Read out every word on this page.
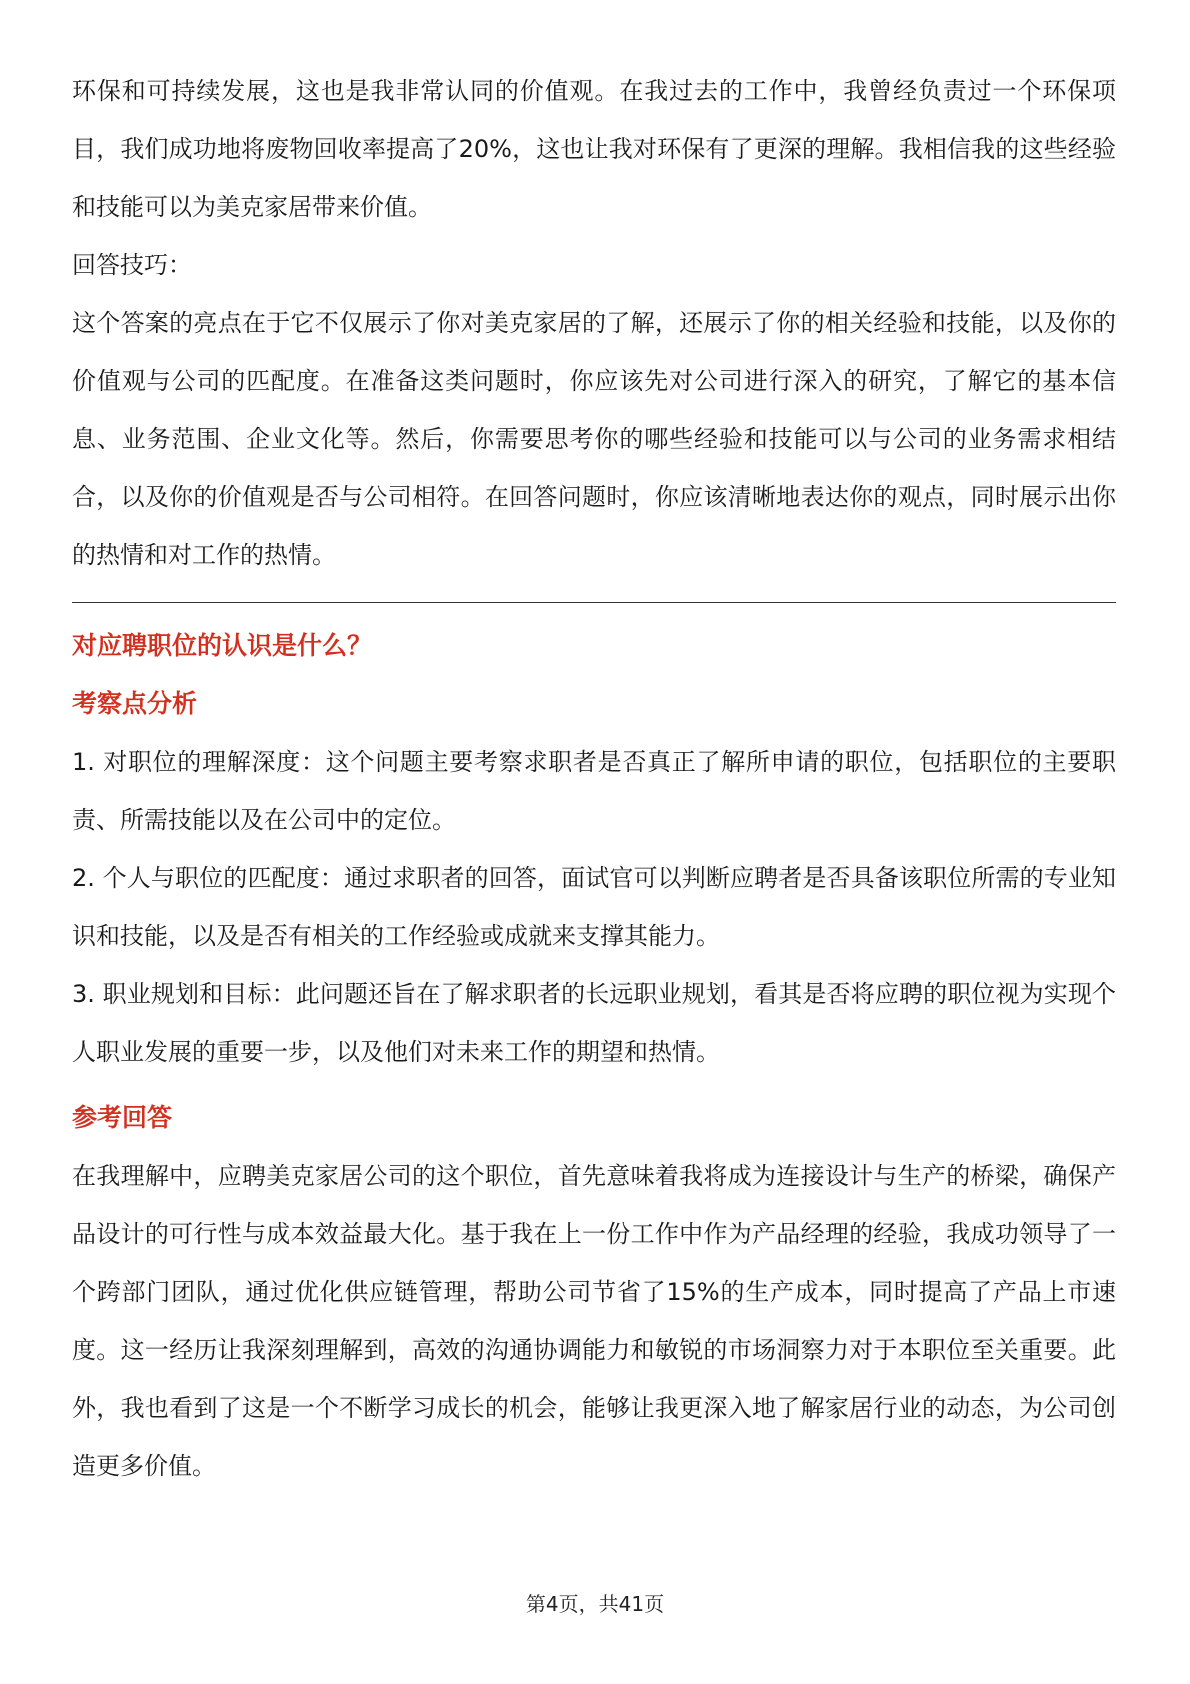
环保和可持续发展，这也是我非常认同的价值观。在我过去的工作中，我曾经负责过一个环保项目，我们成功地将废物回收率提高了20%，这也让我对环保有了更深的理解。我相信我的这些经验和技能可以为美克家居带来价值。

回答技巧：

这个答案的亮点在于它不仅展示了你对美克家居的了解，还展示了你的相关经验和技能，以及你的价值观与公司的匹配度。在准备这类问题时，你应该先对公司进行深入的研究，了解它的基本信息、业务范围、企业文化等。然后，你需要思考你的哪些经验和技能可以与公司的业务需求相结合，以及你的价值观是否与公司相符。在回答问题时，你应该清晰地表达你的观点，同时展示出你的热情和对工作的热情。

对应聘职位的认识是什么？

考察点分析

1. 对职位的理解深度：这个问题主要考察求职者是否真正了解所申请的职位，包括职位的主要职责、所需技能以及在公司中的定位。

2. 个人与职位的匹配度：通过求职者的回答，面试官可以判断应聘者是否具备该职位所需的专业知识和技能，以及是否有相关的工作经验或成就来支撑其能力。

3. 职业规划和目标：此问题还旨在了解求职者的长远职业规划，看其是否将应聘的职位视为实现个人职业发展的重要一步，以及他们对未来工作的期望和热情。

参考回答

在我理解中，应聘美克家居公司的这个职位，首先意味着我将成为连接设计与生产的桥梁，确保产品设计的可行性与成本效益最大化。基于我在上一份工作中作为产品经理的经验，我成功领导了一个跨部门团队，通过优化供应链管理，帮助公司节省了15%的生产成本，同时提高了产品上市速度。这一经历让我深刻理解到，高效的沟通协调能力和敏锐的市场洞察力对于本职位至关重要。此外，我也看到了这是一个不断学习成长的机会，能够让我更深入地了解家居行业的动态，为公司创造更多价值。

第4页，共41页
